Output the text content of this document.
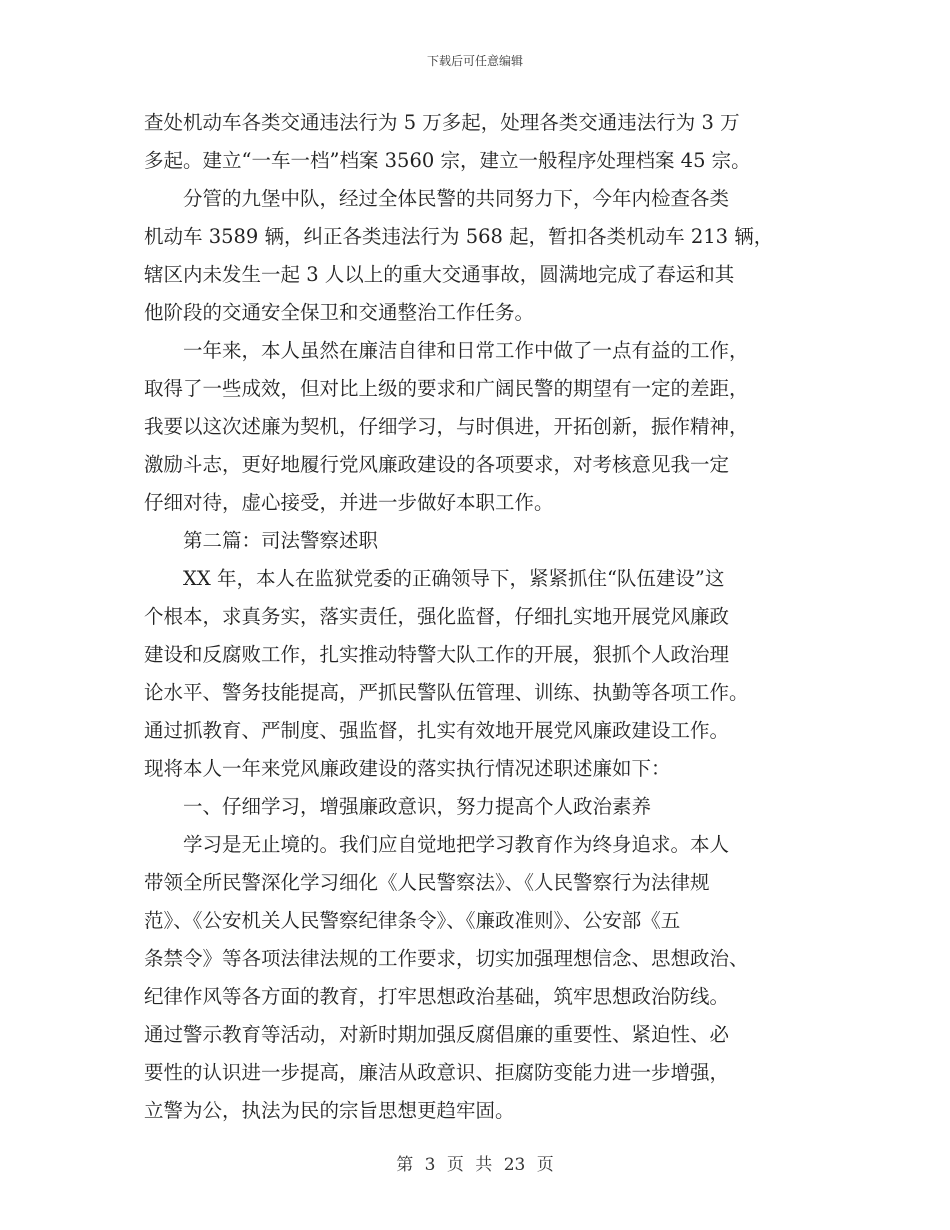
下载后可任意编辑
查处机动车各类交通违法行为 5 万多起，处理各类交通违法行为 3 万
多起。建立“一车一档”档案 3560 宗，建立一般程序处理档案 45 宗。
　　分管的九堡中队，经过全体民警的共同努力下，今年内检查各类
机动车 3589 辆，纠正各类违法行为 568 起，暂扣各类机动车 213 辆，
辖区内未发生一起 3 人以上的重大交通事故，圆满地完成了春运和其
他阶段的交通安全保卫和交通整治工作任务。
　　一年来，本人虽然在廉洁自律和日常工作中做了一点有益的工作，
取得了一些成效，但对比上级的要求和广阔民警的期望有一定的差距，
我要以这次述廉为契机，仔细学习，与时俱进，开拓创新，振作精神，
激励斗志，更好地履行党风廉政建设的各项要求，对考核意见我一定
仔细对待，虚心接受，并进一步做好本职工作。
　　第二篇：司法警察述职
　　XX 年，本人在监狱党委的正确领导下，紧紧抓住“队伍建设”这
个根本，求真务实，落实责任，强化监督，仔细扎实地开展党风廉政
建设和反腐败工作，扎实推动特警大队工作的开展，狠抓个人政治理
论水平、警务技能提高，严抓民警队伍管理、训练、执勤等各项工作。
通过抓教育、严制度、强监督，扎实有效地开展党风廉政建设工作。
现将本人一年来党风廉政建设的落实执行情况述职述廉如下：
　　一、仔细学习，增强廉政意识，努力提高个人政治素养
　　学习是无止境的。我们应自觉地把学习教育作为终身追求。本人
带领全所民警深化学习细化《人民警察法》、《人民警察行为法律规
范》、《公安机关人民警察纪律条令》、《廉政准则》、公安部《五
条禁令》等各项法律法规的工作要求，切实加强理想信念、思想政治、
纪律作风等各方面的教育，打牢思想政治基础，筑牢思想政治防线。
通过警示教育等活动，对新时期加强反腐倡廉的重要性、紧迫性、必
要性的认识进一步提高，廉洁从政意识、拒腐防变能力进一步增强，
立警为公，执法为民的宗旨思想更趋牢固。
第 3 页 共 23 页
